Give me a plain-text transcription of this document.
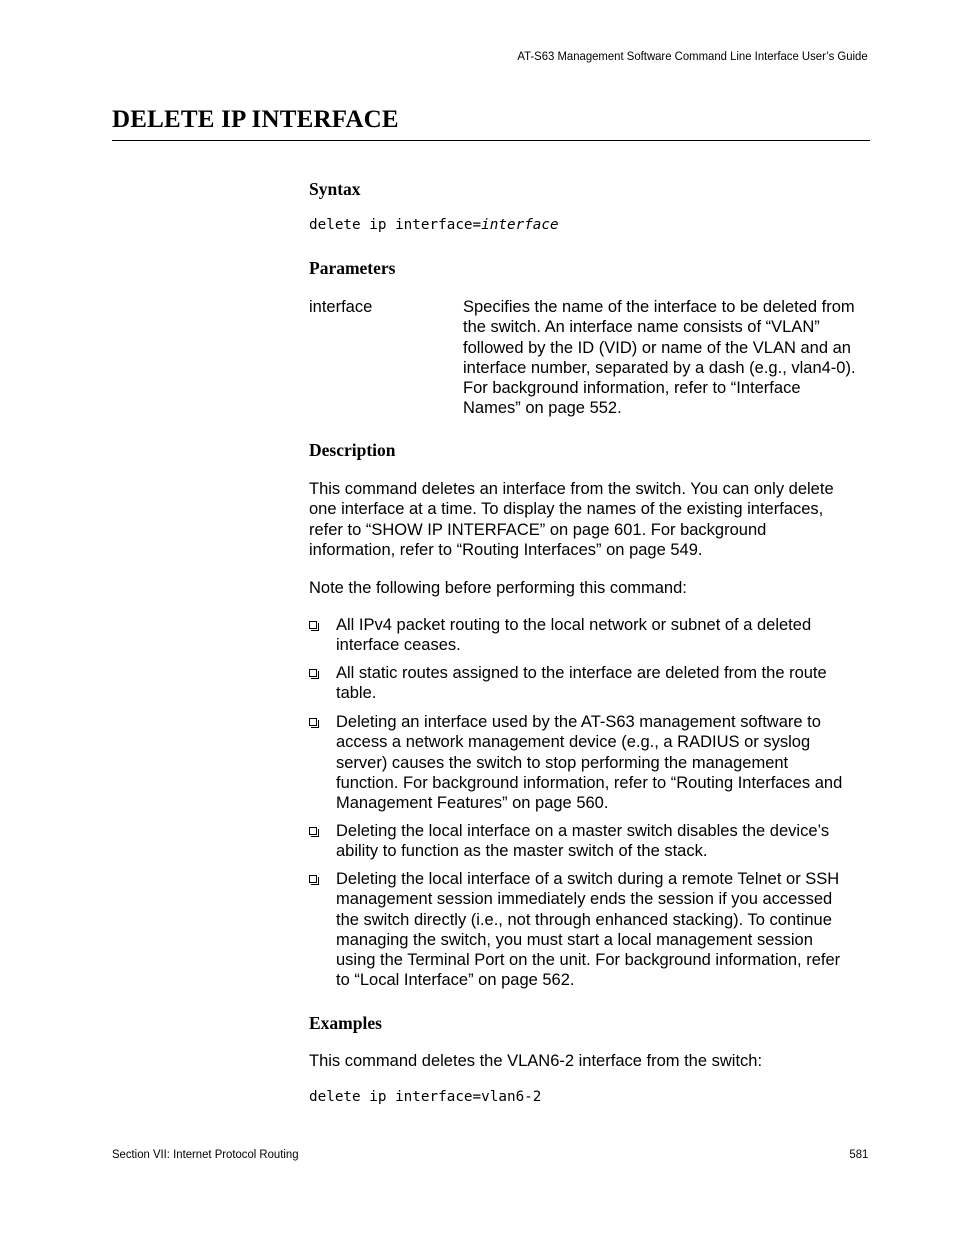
AT-S63 Management Software Command Line Interface User’s Guide
DELETE IP INTERFACE
Syntax
delete ip interface=interface
Parameters
interface	Specifies the name of the interface to be deleted from
the switch. An interface name consists of “VLAN”
followed by the ID (VID) or name of the VLAN and an
interface number, separated by a dash (e.g., vlan4-0).
For background information, refer to “Interface
Names” on page 552.
Description
This command deletes an interface from the switch. You can only delete
one interface at a time. To display the names of the existing interfaces,
refer to “SHOW IP INTERFACE” on page 601. For background
information, refer to “Routing Interfaces” on page 549.
Note the following before performing this command:
All IPv4 packet routing to the local network or subnet of a deleted
interface ceases.
All static routes assigned to the interface are deleted from the route
table.
Deleting an interface used by the AT-S63 management software to
access a network management device (e.g., a RADIUS or syslog
server) causes the switch to stop performing the management
function. For background information, refer to “Routing Interfaces and
Management Features” on page 560.
Deleting the local interface on a master switch disables the device’s
ability to function as the master switch of the stack.
Deleting the local interface of a switch during a remote Telnet or SSH
management session immediately ends the session if you accessed
the switch directly (i.e., not through enhanced stacking). To continue
managing the switch, you must start a local management session
using the Terminal Port on the unit. For background information, refer
to “Local Interface” on page 562.
Examples
This command deletes the VLAN6-2 interface from the switch:
delete ip interface=vlan6-2
Section VII: Internet Protocol Routing	581
